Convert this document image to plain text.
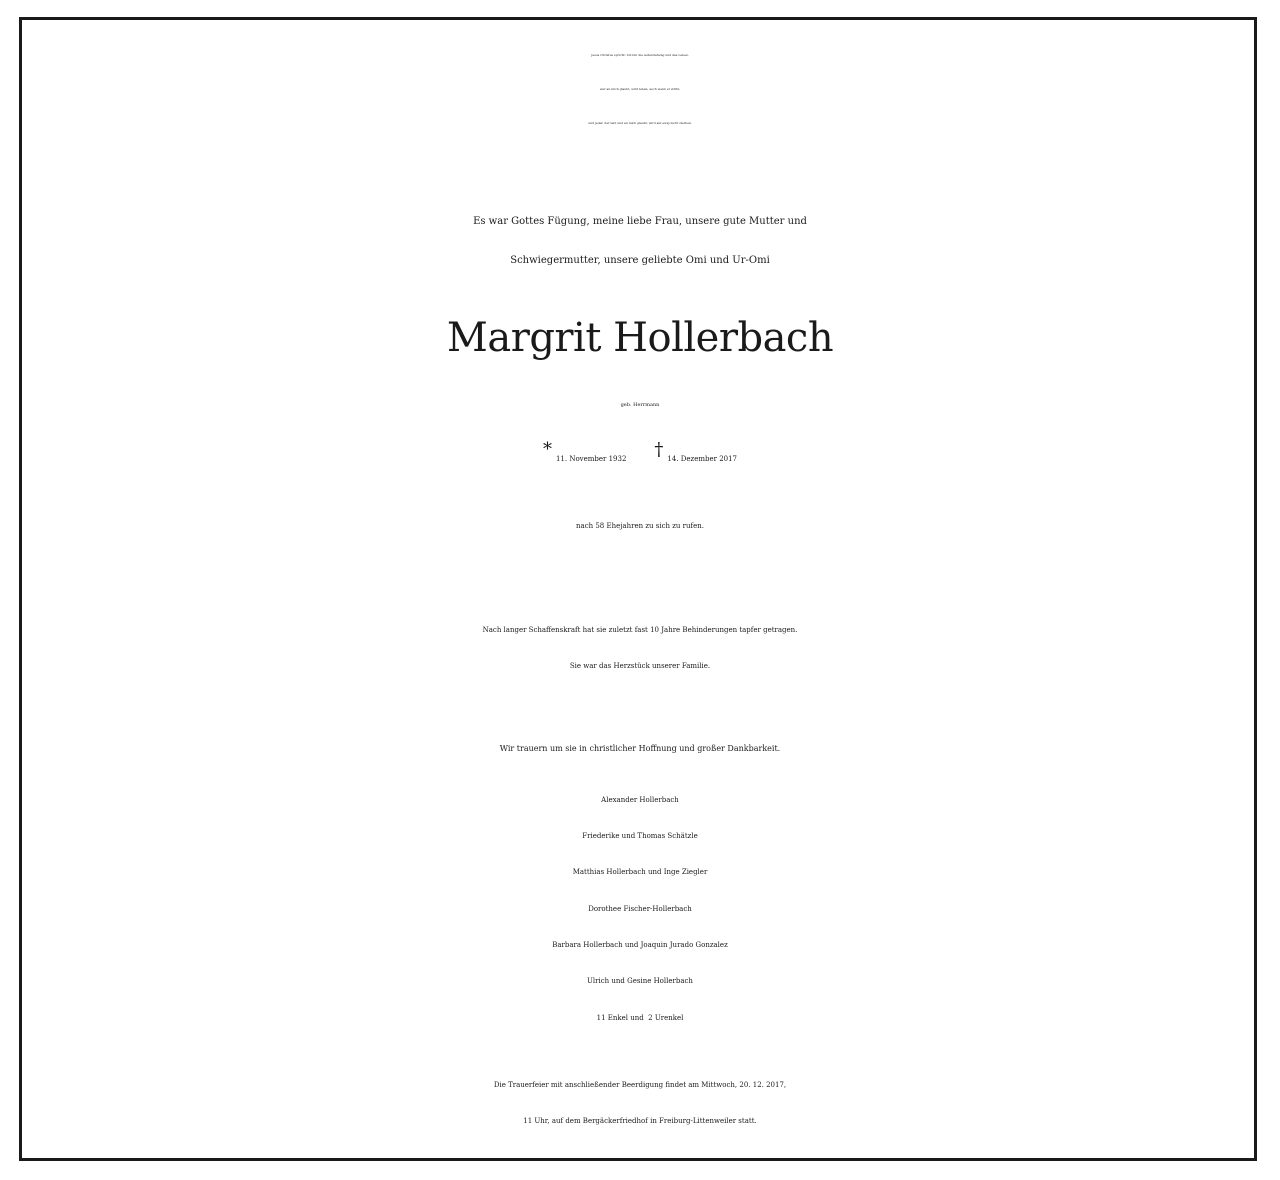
Jesus Christus spricht: Ich bin die Auferstehung und das Leben,
wer an mich glaubt, wird leben, auch wenn er stirbt,
und jeder, der lebt und an mich glaubt, wird auf ewig nicht sterben.
Es war Gottes Fügung, meine liebe Frau, unsere gute Mutter und
Schwiegermutter, unsere geliebte Omi und Ur-Omi
Margrit Hollerbach
geb. Herrmann
* 11. November 1932 † 14. Dezember 2017
nach 58 Ehejahren zu sich zu rufen.
Nach langer Schaffenskraft hat sie zuletzt fast 10 Jahre Behinderungen tapfer getragen.
Sie war das Herzstück unserer Familie.
Wir trauern um sie in christlicher Hoffnung und großer Dankbarkeit.
Alexander Hollerbach
Friederike und Thomas Schätzle
Matthias Hollerbach und Inge Ziegler
Dorothee Fischer-Hollerbach
Barbara Hollerbach und Joaquin Jurado Gonzalez
Ulrich und Gesine Hollerbach
11 Enkel und  2 Urenkel
Die Trauerfeier mit anschließender Beerdigung findet am Mittwoch, 20. 12. 2017,
11 Uhr, auf dem Bergäckerfriedhof in Freiburg-Littenweiler statt.
